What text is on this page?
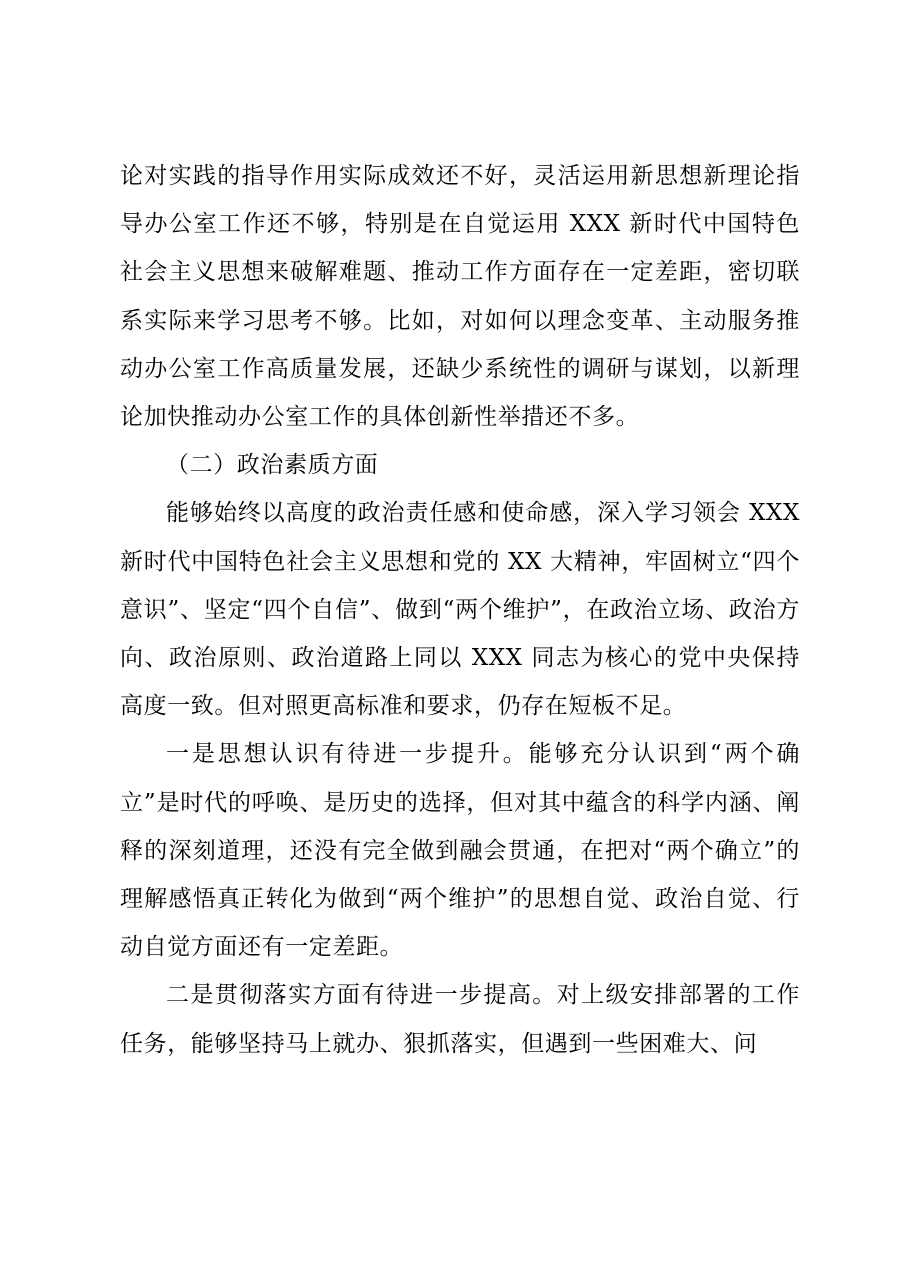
论对实践的指导作用实际成效还不好，灵活运用新思想新理论指导办公室工作还不够，特别是在自觉运用 XXX 新时代中国特色社会主义思想来破解难题、推动工作方面存在一定差距，密切联系实际来学习思考不够。比如，对如何以理念变革、主动服务推动办公室工作高质量发展，还缺少系统性的调研与谋划，以新理论加快推动办公室工作的具体创新性举措还不多。

（二）政治素质方面

能够始终以高度的政治责任感和使命感，深入学习领会 XXX 新时代中国特色社会主义思想和党的 XX 大精神，牢固树立“四个意识”、坚定“四个自信”、做到“两个维护”，在政治立场、政治方向、政治原则、政治道路上同以 XXX 同志为核心的党中央保持高度一致。但对照更高标准和要求，仍存在短板不足。

一是思想认识有待进一步提升。能够充分认识到“两个确立”是时代的呼唤、是历史的选择，但对其中蕴含的科学内涵、阐释的深刻道理，还没有完全做到融会贯通，在把对“两个确立”的理解感悟真正转化为做到“两个维护”的思想自觉、政治自觉、行动自觉方面还有一定差距。

二是贯彻落实方面有待进一步提高。对上级安排部署的工作任务，能够坚持马上就办、狠抓落实，但遇到一些困难大、问
